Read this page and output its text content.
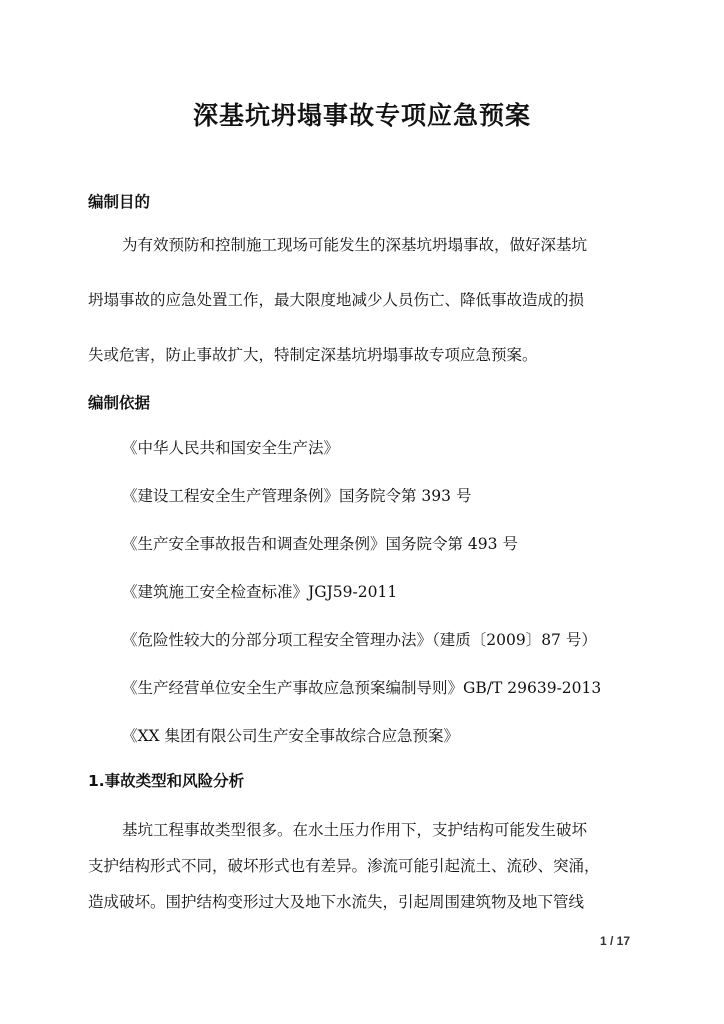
深基坑坍塌事故专项应急预案
编制目的

为有效预防和控制施工现场可能发生的深基坑坍塌事故，做好深基坑

坍塌事故的应急处置工作，最大限度地减少人员伤亡、降低事故造成的损

失或危害，防止事故扩大，特制定深基坑坍塌事故专项应急预案。

编制依据

《中华人民共和国安全生产法》

《建设工程安全生产管理条例》国务院令第 393 号

《生产安全事故报告和调查处理条例》国务院令第 493 号

《建筑施工安全检查标准》JGJ59-2011

《危险性较大的分部分项工程安全管理办法》（建质〔2009〕87 号）

《生产经营单位安全生产事故应急预案编制导则》GB/T 29639-2013

《XX 集团有限公司生产安全事故综合应急预案》

1.事故类型和风险分析

基坑工程事故类型很多。在水土压力作用下，支护结构可能发生破坏

支护结构形式不同，破坏形式也有差异。渗流可能引起流土、流砂、突涌，

造成破坏。围护结构变形过大及地下水流失，引起周围建筑物及地下管线

1 / 17
